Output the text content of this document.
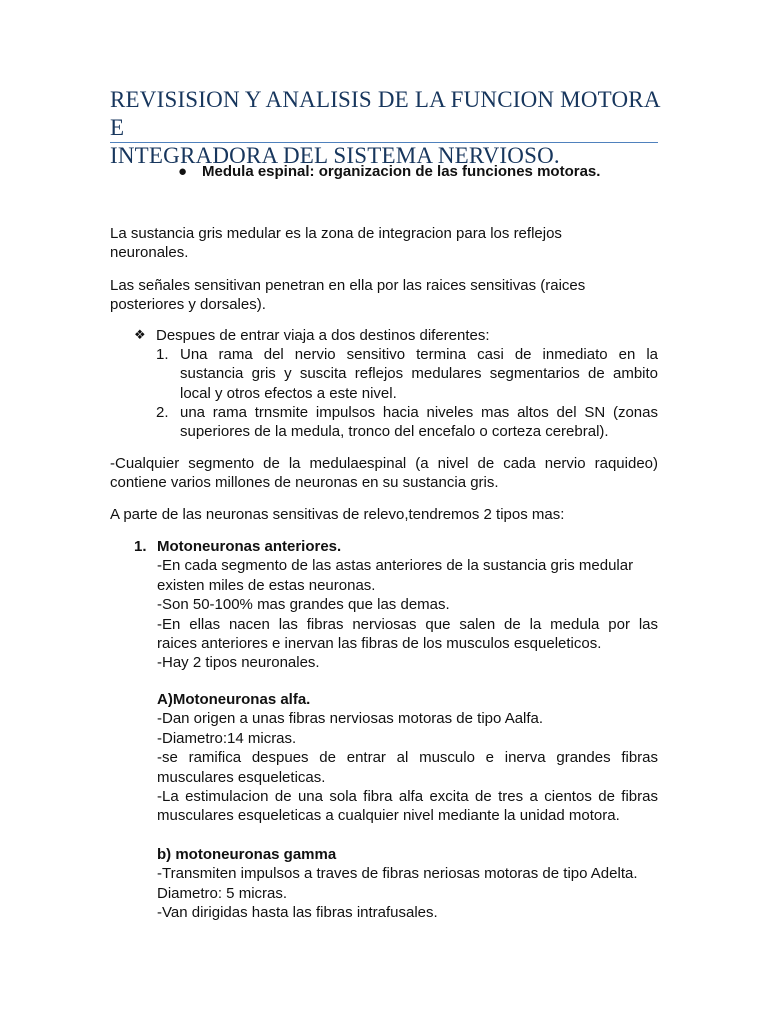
REVISISION Y ANALISIS DE LA FUNCION MOTORA E
INTEGRADORA DEL SISTEMA NERVIOSO.
● Medula espinal: organizacion de las funciones motoras.
La sustancia gris medular es la zona de integracion para los reflejos
neuronales.
Las señales sensitivan penetran en ella por las raices sensitivas (raices
posteriores y dorsales).
❖ Despues de entrar viaja a dos destinos diferentes:
1. Una rama del nervio sensitivo termina casi de inmediato en la
sustancia gris y suscita reflejos medulares segmentarios de ambito
local y otros efectos a este nivel.
2. una rama trnsmite impulsos hacia niveles mas altos del SN (zonas
superiores de la medula, tronco del encefalo o corteza cerebral).
-Cualquier segmento de la medulaespinal (a nivel de cada nervio raquideo)
contiene varios millones de neuronas en su sustancia gris.
A parte de las neuronas sensitivas de relevo,tendremos 2 tipos mas:
1. Motoneuronas anteriores.
-En cada segmento de las astas anteriores de la sustancia gris medular
existen miles de estas neuronas.
-Son 50-100% mas grandes que las demas.
-En ellas nacen las fibras nerviosas que salen de la medula por las
raices anteriores e inervan las fibras de los musculos esqueleticos.
-Hay 2 tipos neuronales.
A)Motoneuronas alfa.
-Dan origen a unas fibras nerviosas motoras de tipo Aalfa.
-Diametro:14 micras.
-se ramifica despues de entrar al musculo e inerva grandes fibras
musculares esqueleticas.
-La estimulacion de una sola fibra alfa excita de tres a cientos de fibras
musculares esqueleticas a cualquier nivel mediante la unidad motora.
b) motoneuronas gamma
-Transmiten impulsos a traves de fibras neriosas motoras de tipo Adelta.
Diametro: 5 micras.
-Van dirigidas hasta las fibras intrafusales.
